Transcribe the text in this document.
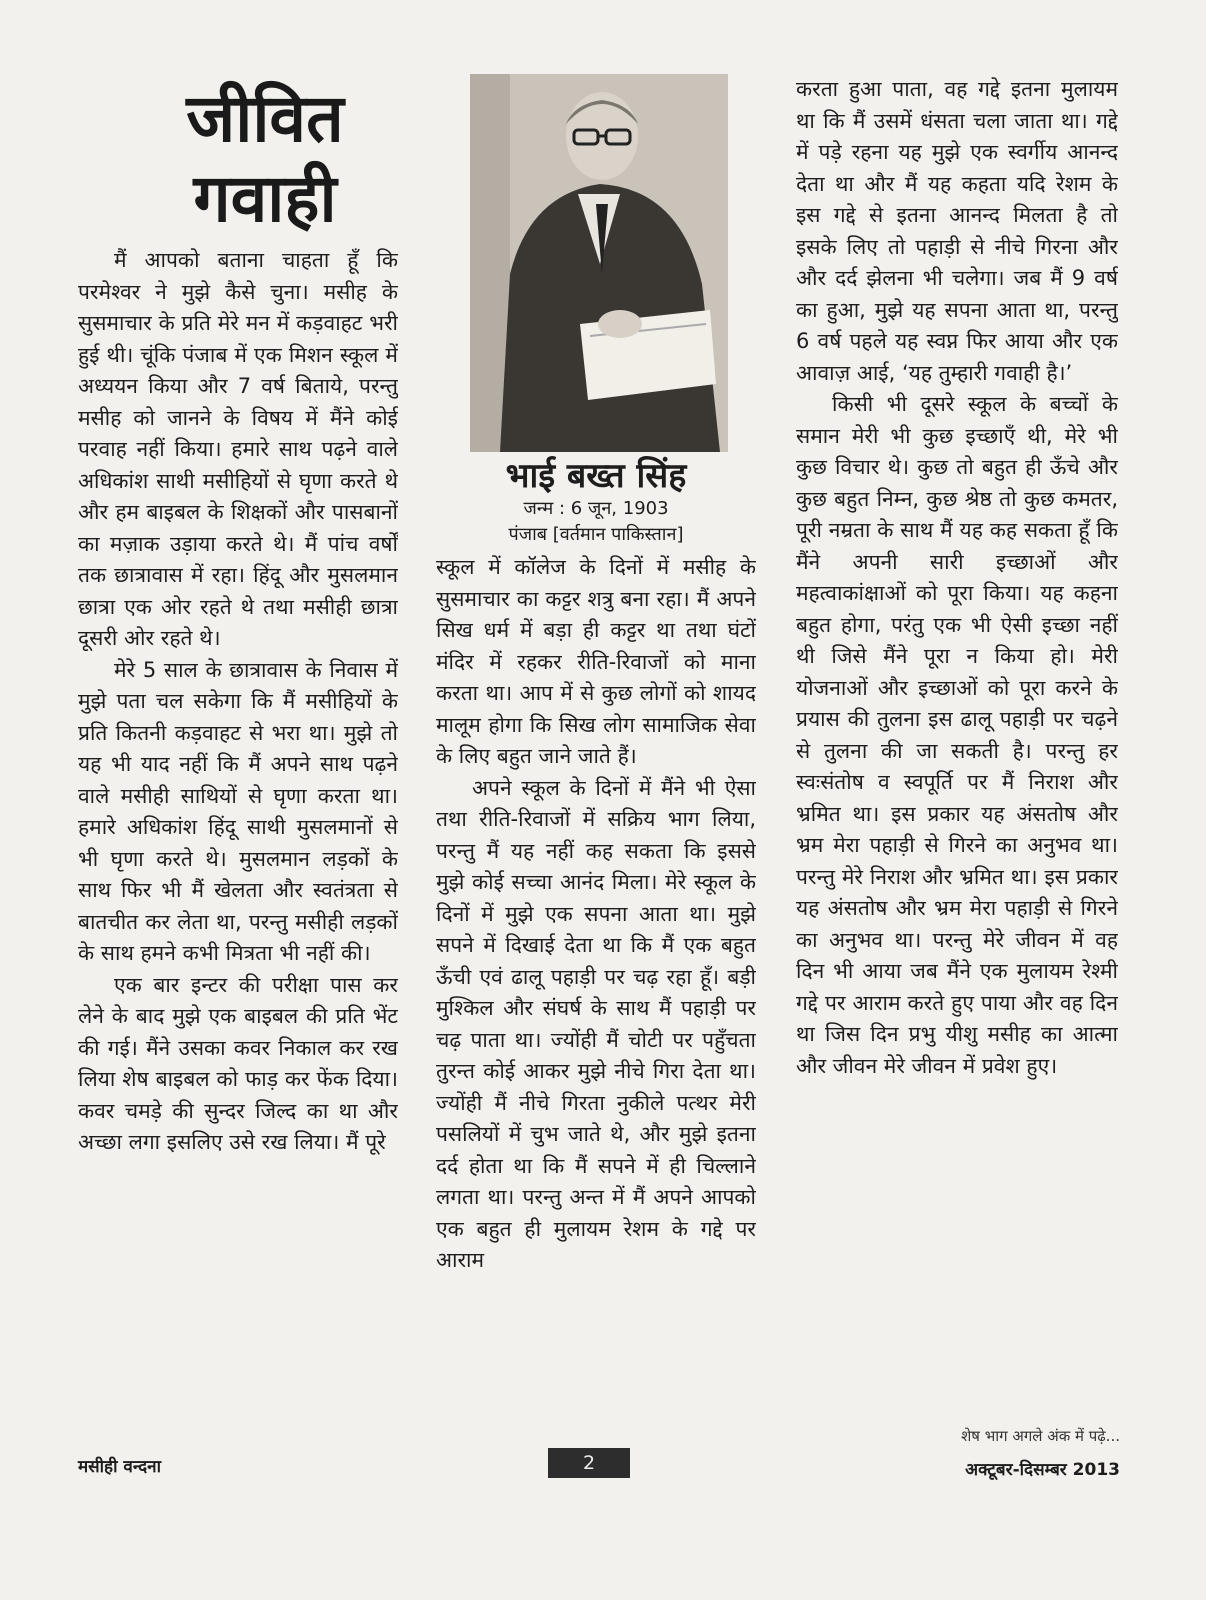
जीवित
गवाही
भाई बख्त सिंह
जन्म : 6 जून, 1903
पंजाब [वर्तमान पाकिस्तान]

मैं आपको बताना चाहता हूँ कि परमेश्वर ने मुझे कैसे चुना। मसीह के सुसमाचार के प्रति मेरे मन में कड़वाहट भरी हुई थी। चूंकि पंजाब में एक मिशन स्कूल में अध्ययन किया और 7 वर्ष बिताये, परन्तु मसीह को जानने के विषय में मैंने कोई परवाह नहीं किया। हमारे साथ पढ़ने वाले अधिकांश साथी मसीहियों से घृणा करते थे और हम बाइबल के शिक्षकों और पासबानों का मज़ाक उड़ाया करते थे। मैं पांच वर्षों तक छात्रावास में रहा। हिंदू और मुसलमान छात्रा एक ओर रहते थे तथा मसीही छात्रा दूसरी ओर रहते थे।

मेरे 5 साल के छात्रावास के निवास में मुझे पता चल सकेगा कि मैं मसीहियों के प्रति कितनी कड़वाहट से भरा था। मुझे तो यह भी याद नहीं कि मैं अपने साथ पढ़ने वाले मसीही साथियों से घृणा करता था। हमारे अधिकांश हिंदू साथी मुसलमानों से भी घृणा करते थे। मुसलमान लड़कों के साथ फिर भी मैं खेलता और स्वतंत्रता से बातचीत कर लेता था, परन्तु मसीही लड़कों के साथ हमने कभी मित्रता भी नहीं की।

एक बार इन्टर की परीक्षा पास कर लेने के बाद मुझे एक बाइबल की प्रति भेंट की गई। मैंने उसका कवर निकाल कर रख लिया शेष बाइबल को फाड़ कर फेंक दिया। कवर चमड़े की सुन्दर जिल्द का था और अच्छा लगा इसलिए उसे रख लिया। मैं पूरे

स्कूल में कॉलेज के दिनों में मसीह के सुसमाचार का कट्टर शत्रु बना रहा। मैं अपने सिख धर्म में बड़ा ही कट्टर था तथा घंटों मंदिर में रहकर रीति-रिवाजों को माना करता था। आप में से कुछ लोगों को शायद मालूम होगा कि सिख लोग सामाजिक सेवा के लिए बहुत जाने जाते हैं।

अपने स्कूल के दिनों में मैंने भी ऐसा तथा रीति-रिवाजों में सक्रिय भाग लिया, परन्तु मैं यह नहीं कह सकता कि इससे मुझे कोई सच्चा आनंद मिला। मेरे स्कूल के दिनों में मुझे एक सपना आता था। मुझे सपने में दिखाई देता था कि मैं एक बहुत ऊँची एवं ढालू पहाड़ी पर चढ़ रहा हूँ। बड़ी मुश्किल और संघर्ष के साथ मैं पहाड़ी पर चढ़ पाता था। ज्योंही मैं चोटी पर पहुँचता तुरन्त कोई आकर मुझे नीचे गिरा देता था। ज्योंही मैं नीचे गिरता नुकीले पत्थर मेरी पसलियों में चुभ जाते थे, और मुझे इतना दर्द होता था कि मैं सपने में ही चिल्लाने लगता था। परन्तु अन्त में मैं अपने आपको एक बहुत ही मुलायम रेशम के गद्दे पर आराम

करता हुआ पाता, वह गद्दे इतना मुलायम था कि मैं उसमें धंसता चला जाता था। गद्दे में पड़े रहना यह मुझे एक स्वर्गीय आनन्द देता था और मैं यह कहता यदि रेशम के इस गद्दे से इतना आनन्द मिलता है तो इसके लिए तो पहाड़ी से नीचे गिरना और और दर्द झेलना भी चलेगा। जब मैं 9 वर्ष का हुआ, मुझे यह सपना आता था, परन्तु 6 वर्ष पहले यह स्वप्न फिर आया और एक आवाज़ आई, ‘यह तुम्हारी गवाही है।’

किसी भी दूसरे स्कूल के बच्चों के समान मेरी भी कुछ इच्छाएँ थी, मेरे भी कुछ विचार थे। कुछ तो बहुत ही ऊँचे और कुछ बहुत निम्न, कुछ श्रेष्ठ तो कुछ कमतर, पूरी नम्रता के साथ मैं यह कह सकता हूँ कि मैंने अपनी सारी इच्छाओं और महत्वाकांक्षाओं को पूरा किया। यह कहना बहुत होगा, परंतु एक भी ऐसी इच्छा नहीं थी जिसे मैंने पूरा न किया हो। मेरी योजनाओं और इच्छाओं को पूरा करने के प्रयास की तुलना इस ढालू पहाड़ी पर चढ़ने से तुलना की जा सकती है। परन्तु हर स्वःसंतोष व स्वपूर्ति पर मैं निराश और भ्रमित था। इस प्रकार यह अंसतोष और भ्रम मेरा पहाड़ी से गिरने का अनुभव था। परन्तु मेरे निराश और भ्रमित था। इस प्रकार यह अंसतोष और भ्रम मेरा पहाड़ी से गिरने का अनुभव था। परन्तु मेरे जीवन में वह दिन भी आया जब मैंने एक मुलायम रेश्मी गद्दे पर आराम करते हुए पाया और वह दिन था जिस दिन प्रभु यीशु मसीह का आत्मा और जीवन मेरे जीवन में प्रवेश हुए।

शेष भाग अगले अंक में पढ़े...
मसीही वन्दना	2	अक्टूबर-दिसम्बर 2013
